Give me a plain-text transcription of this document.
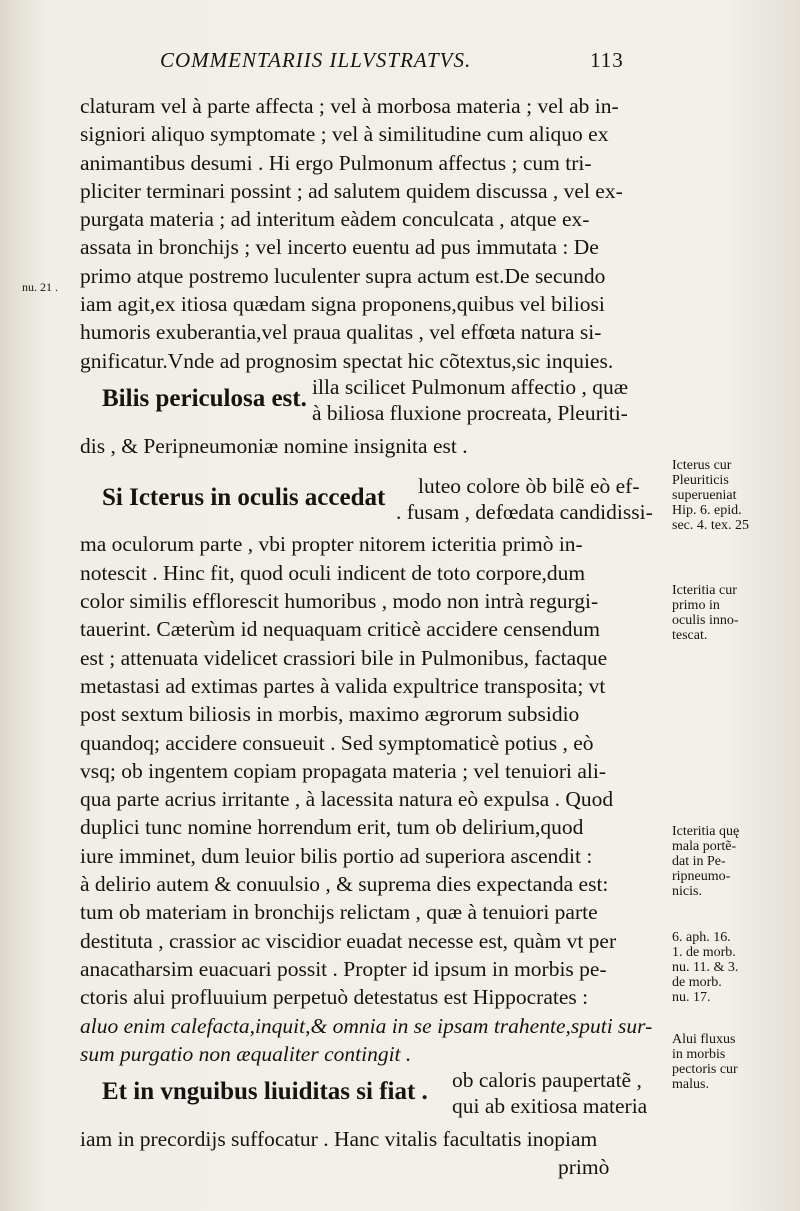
COMMENTARIIS ILLVSTRATVS.	113
nu. 21 .
claturam vel à parte affecta ; vel à morbosa materia ; vel ab in-
signiori aliquo symptomate ; vel à similitudine cum aliquo ex
animantibus desumi . Hi ergo Pulmonum affectus ; cum tri-
pliciter terminari possint ; ad salutem quidem discussa , vel ex-
purgata materia ; ad interitum eàdem conculcata , atque ex-
assata in bronchijs ; vel incerto euentu ad pus immutata : De
primo atque postremo luculenter supra actum est.De secundo
iam agit,ex itiosa quædam signa proponens,quibus vel biliosi
humoris exuberantia,vel praua qualitas , vel effœta natura si-
gnificatur.Vnde ad prognosim spectat hic cõtextus,sic inquies.
Bilis periculosa est. illa scilicet Pulmonum affectio , quæ
à biliosa fluxione procreata, Pleuriti-
dis , & Peripneumoniæ nomine insignita est .
Si Icterus in oculis accedat luteo colore òb bilẽ eò ef-
. fusam , defœdata candidissi-
ma oculorum parte , vbi propter nitorem icteritia primò in-
notescit . Hinc fit, quod oculi indicent de toto corpore,dum
color similis efflorescit humoribus , modo non intrà regurgi-
tauerint. Cæterùm id nequaquam criticè accidere censendum
est ; attenuata videlicet crassiori bile in Pulmonibus, factaque
metastasi ad extimas partes à valida expultrice transposita; vt
post sextum biliosis in morbis, maximo ægrorum subsidio
quandoq; accidere consueuit . Sed symptomaticè potius , eò
vsq; ob ingentem copiam propagata materia ; vel tenuiori ali-
qua parte acrius irritante , à lacessita natura eò expulsa . Quod
duplici tunc nomine horrendum erit, tum ob delirium,quod
iure imminet, dum leuior bilis portio ad superiora ascendit :
à delirio autem & conuulsio , & suprema dies expectanda est:
tum ob materiam in bronchijs relictam , quæ à tenuiori parte
destituta , crassior ac viscidior euadat necesse est, quàm vt per
anacatharsim euacuari possit . Propter id ipsum in morbis pe-
ctoris alui profluuium perpetuò detestatus est Hippocrates :
aluo enim calefacta,inquit,& omnia in se ipsam trahente,sputi sur-
sum purgatio non æqualiter contingit .
Et in vnguibus liuiditas si fiat . ob caloris paupertatẽ ,
qui ab exitiosa materia
iam in precordijs suffocatur . Hanc vitalis facultatis inopiam
primò
Icterus cur
Pleuriticis
superueniat
Hip. 6. epid.
sec. 4. tex. 25
Icteritia cur
primo in
oculis inno-
tescat.
Icteritia quę
mala portẽ-
dat in Pe-
ripneumo-
nicis.
6. aph. 16.
1. de morb.
nu. 11. & 3.
de morb.
nu. 17.
Alui fluxus
in morbis
pectoris cur
malus.
